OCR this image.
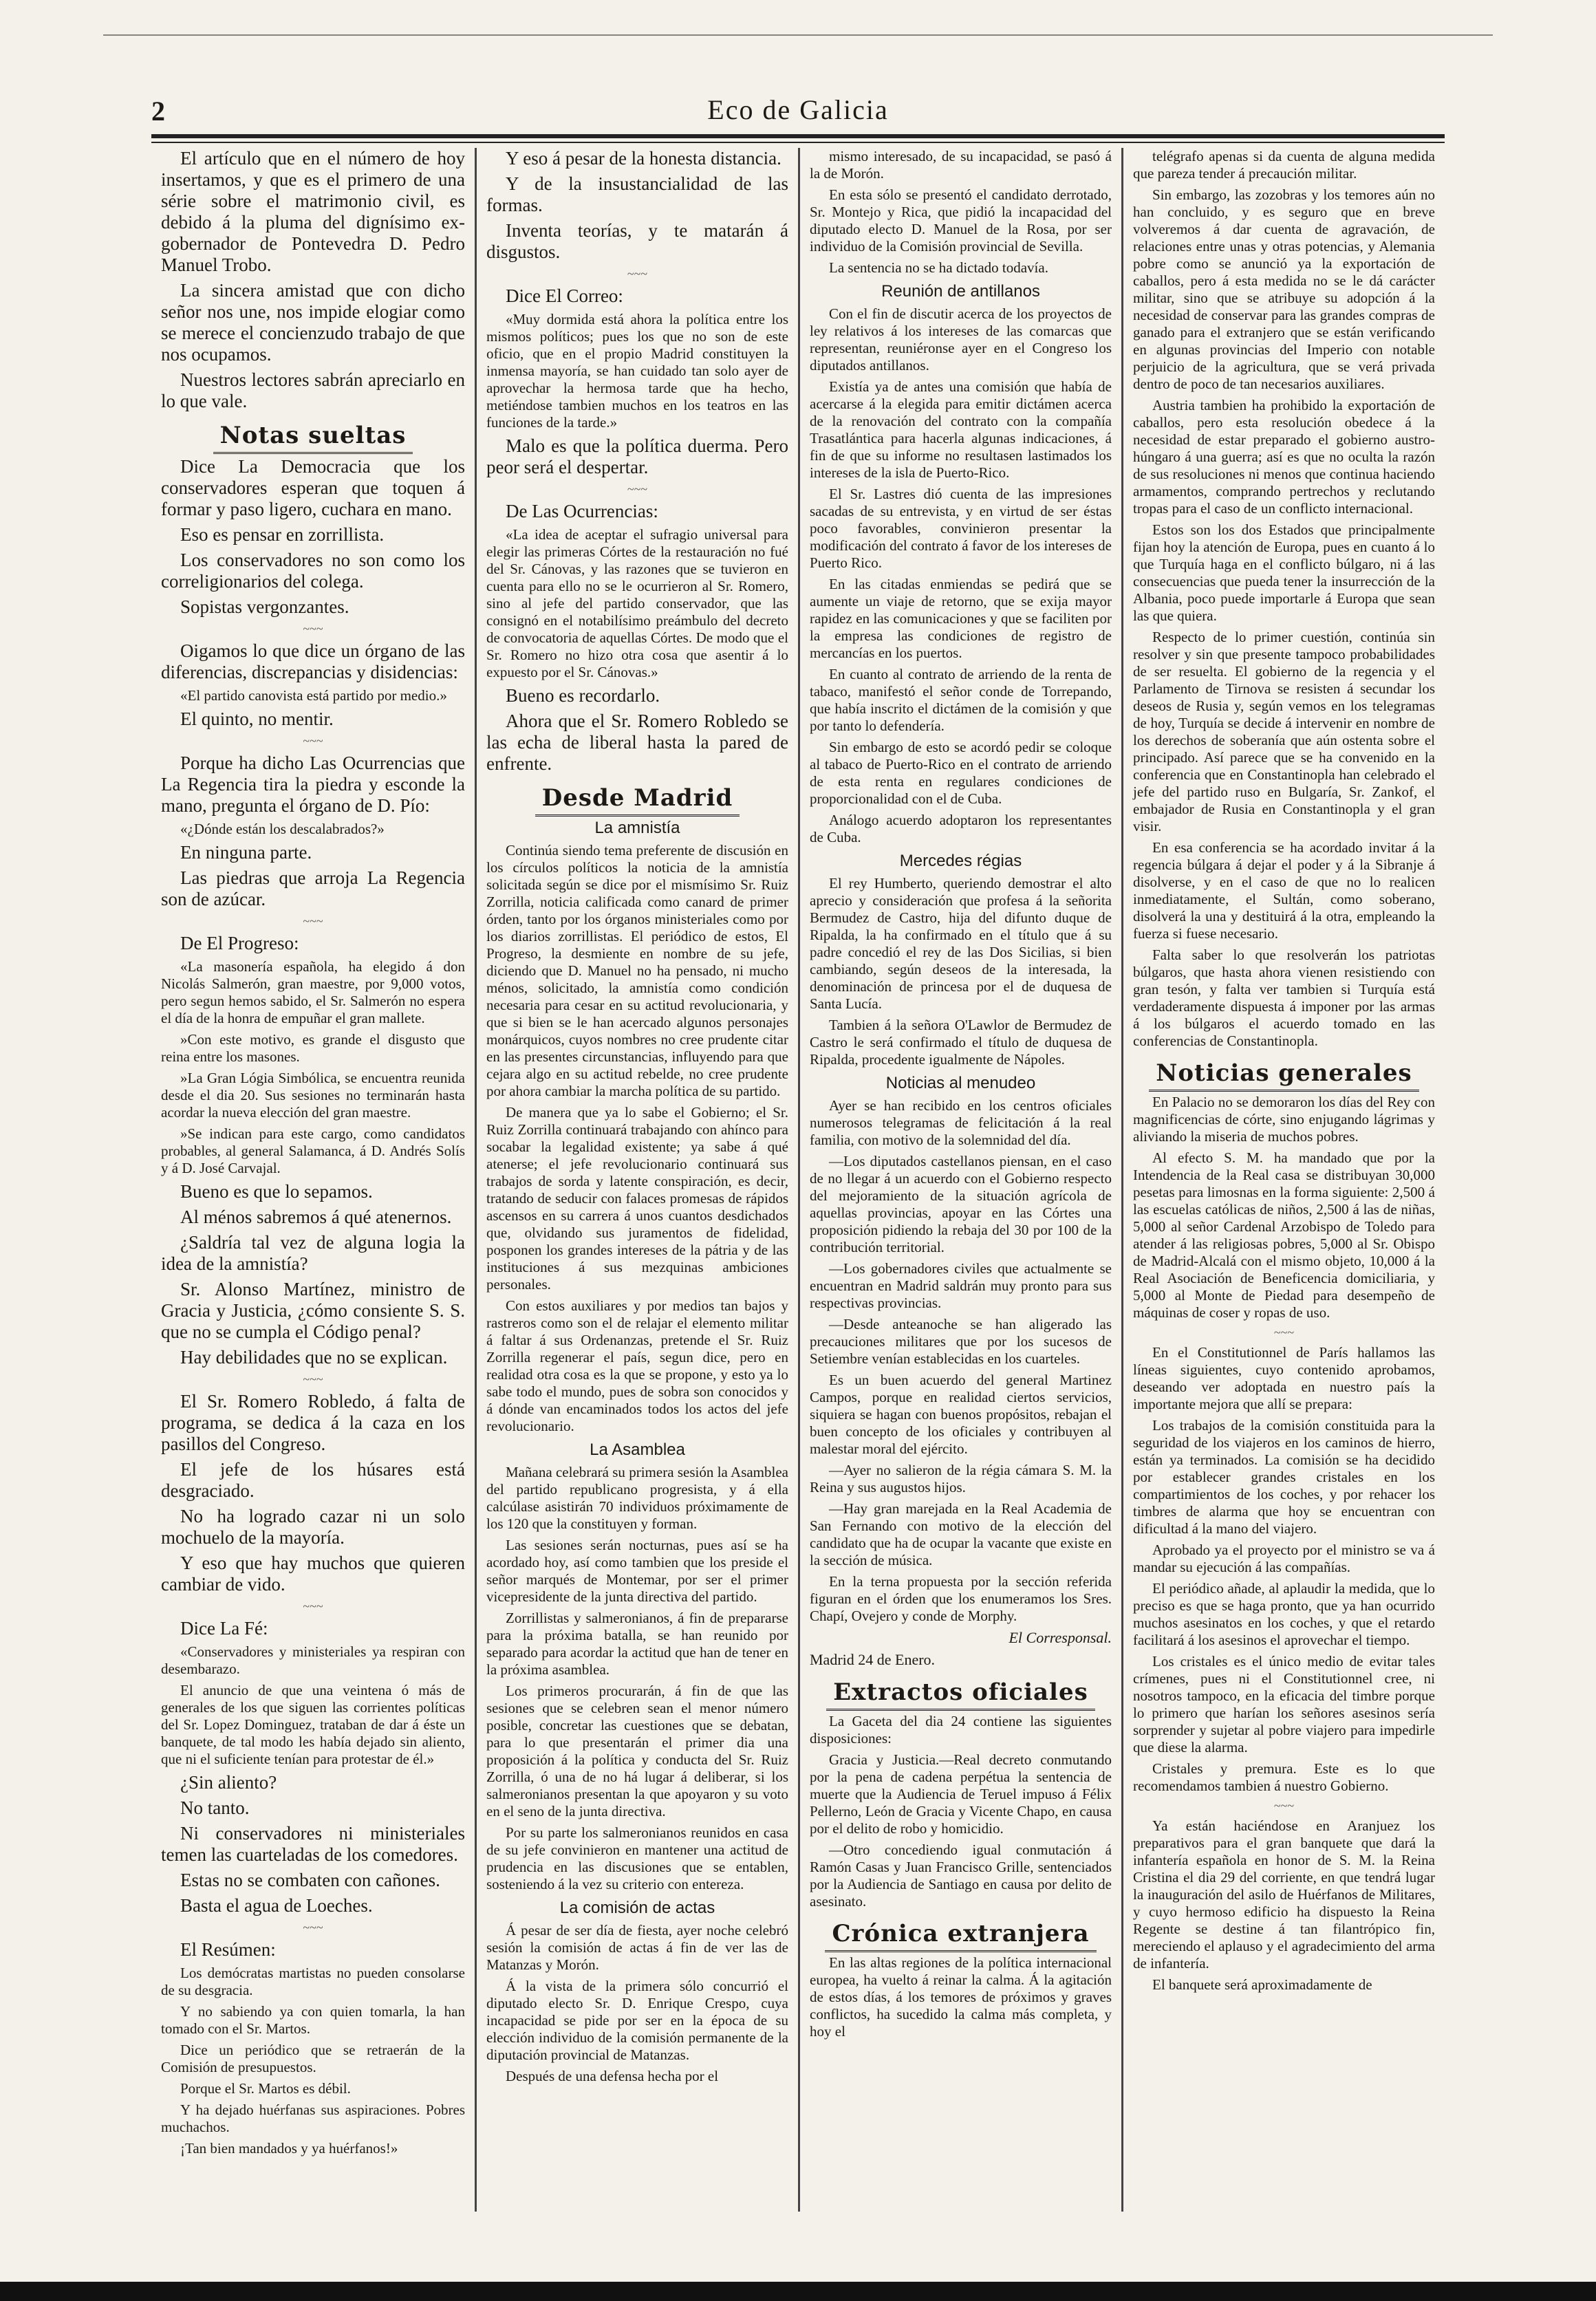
2	Eco de Galicia

El artículo que en el número de hoy insertamos, y que es el primero de una série sobre el matrimonio civil, es debido á la pluma del dignísimo ex-gobernador de Pontevedra D. Pedro Manuel Trobo.

La sincera amistad que con dicho señor nos une, nos impide elogiar como se merece el concienzudo trabajo de que nos ocupamos.

Nuestros lectores sabrán apreciarlo en lo que vale.

Notas sueltas

Dice La Democracia que los conservadores esperan que toquen á formar y paso ligero, cuchara en mano.

Eso es pensar en zorrillista.

Los conservadores no son como los correligionarios del colega.

Sopistas vergonzantes.

~~~

Oigamos lo que dice un órgano de las diferencias, discrepancias y disidencias:

«El partido canovista está partido por medio.»

El quinto, no mentir.

~~~

Porque ha dicho Las Ocurrencias que La Regencia tira la piedra y esconde la mano, pregunta el órgano de D. Pío:

«¿Dónde están los descalabrados?»

En ninguna parte.

Las piedras que arroja La Regencia son de azúcar.

~~~

De El Progreso:

«La masonería española, ha elegido á don Nicolás Salmerón, gran maestre, por 9,000 votos, pero segun hemos sabido, el Sr. Salmerón no espera el día de la honra de empuñar el gran mallete.

»Con este motivo, es grande el disgusto que reina entre los masones.

»La Gran Lógia Simbólica, se encuentra reunida desde el dia 20. Sus sesiones no terminarán hasta acordar la nueva elección del gran maestre.

»Se indican para este cargo, como candidatos probables, al general Salamanca, á D. Andrés Solís y á D. José Carvajal.

Bueno es que lo sepamos.

Al ménos sabremos á qué atenernos.

¿Saldría tal vez de alguna logia la idea de la amnistía?

Sr. Alonso Martínez, ministro de Gracia y Justicia, ¿cómo consiente S. S. que no se cumpla el Código penal?

Hay debilidades que no se explican.

~~~

El Sr. Romero Robledo, á falta de programa, se dedica á la caza en los pasillos del Congreso.

El jefe de los húsares está desgraciado.

No ha logrado cazar ni un solo mochuelo de la mayoría.

Y eso que hay muchos que quieren cambiar de vido.

~~~

Dice La Fé:

«Conservadores y ministeriales ya respiran con desembarazo.

El anuncio de que una veintena ó más de generales de los que siguen las corrientes políticas del Sr. Lopez Dominguez, trataban de dar á éste un banquete, de tal modo les había dejado sin aliento, que ni el suficiente tenían para protestar de él.»

¿Sin aliento?

No tanto.

Ni conservadores ni ministeriales temen las cuarteladas de los comedores.

Estas no se combaten con cañones.

Basta el agua de Loeches.

~~~

El Resúmen:

Los demócratas martistas no pueden consolarse de su desgracia.

Y no sabiendo ya con quien tomarla, la han tomado con el Sr. Martos.

Dice un periódico que se retraerán de la Comisión de presupuestos.

Porque el Sr. Martos es débil.

Y ha dejado huérfanas sus aspiraciones. Pobres muchachos.

¡Tan bien mandados y ya huérfanos!»

Y eso á pesar de la honesta distancia.

Y de la insustancialidad de las formas.

Inventa teorías, y te matarán á disgustos.

~~~

Dice El Correo:

«Muy dormida está ahora la política entre los mismos políticos; pues los que no son de este oficio, que en el propio Madrid constituyen la inmensa mayoría, se han cuidado tan solo ayer de aprovechar la hermosa tarde que ha hecho, metiéndose tambien muchos en los teatros en las funciones de la tarde.»

Malo es que la política duerma. Pero peor será el despertar.

~~~

De Las Ocurrencias:

«La idea de aceptar el sufragio universal para elegir las primeras Córtes de la restauración no fué del Sr. Cánovas, y las razones que se tuvieron en cuenta para ello no se le ocurrieron al Sr. Romero, sino al jefe del partido conservador, que las consignó en el notabilísimo preámbulo del decreto de convocatoria de aquellas Córtes. De modo que el Sr. Romero no hizo otra cosa que asentir á lo expuesto por el Sr. Cánovas.»

Bueno es recordarlo.

Ahora que el Sr. Romero Robledo se las echa de liberal hasta la pared de enfrente.

Desde Madrid
La amnistía

Continúa siendo tema preferente de discusión en los círculos políticos la noticia de la amnistía solicitada según se dice por el mismísimo Sr. Ruiz Zorrilla, noticia calificada como canard de primer órden, tanto por los órganos ministeriales como por los diarios zorrillistas. El periódico de estos, El Progreso, la desmiente en nombre de su jefe, diciendo que D. Manuel no ha pensado, ni mucho ménos, solicitado, la amnistía como condición necesaria para cesar en su actitud revolucionaria, y que si bien se le han acercado algunos personajes monárquicos, cuyos nombres no cree prudente citar en las presentes circunstancias, influyendo para que cejara algo en su actitud rebelde, no cree prudente por ahora cambiar la marcha política de su partido.

De manera que ya lo sabe el Gobierno; el Sr. Ruiz Zorrilla continuará trabajando con ahínco para socabar la legalidad existente; ya sabe á qué atenerse; el jefe revolucionario continuará sus trabajos de sorda y latente conspiración, es decir, tratando de seducir con falaces promesas de rápidos ascensos en su carrera á unos cuantos desdichados que, olvidando sus juramentos de fidelidad, posponen los grandes intereses de la pátria y de las instituciones á sus mezquinas ambiciones personales.

Con estos auxiliares y por medios tan bajos y rastreros como son el de relajar el elemento militar á faltar á sus Ordenanzas, pretende el Sr. Ruiz Zorrilla regenerar el país, segun dice, pero en realidad otra cosa es la que se propone, y esto ya lo sabe todo el mundo, pues de sobra son conocidos y á dónde van encaminados todos los actos del jefe revolucionario.

La Asamblea

Mañana celebrará su primera sesión la Asamblea del partido republicano progresista, y á ella calcúlase asistirán 70 individuos próximamente de los 120 que la constituyen y forman.

Las sesiones serán nocturnas, pues así se ha acordado hoy, así como tambien que los preside el señor marqués de Montemar, por ser el primer vicepresidente de la junta directiva del partido.

Zorrillistas y salmeronianos, á fin de prepararse para la próxima batalla, se han reunido por separado para acordar la actitud que han de tener en la próxima asamblea.

Los primeros procurarán, á fin de que las sesiones que se celebren sean el menor número posible, concretar las cuestiones que se debatan, para lo que presentarán el primer dia una proposición á la política y conducta del Sr. Ruiz Zorrilla, ó una de no há lugar á deliberar, si los salmeronianos presentan la que apoyaron y su voto en el seno de la junta directiva.

Por su parte los salmeronianos reunidos en casa de su jefe convinieron en mantener una actitud de prudencia en las discusiones que se entablen, sosteniendo á la vez su criterio con entereza.

La comisión de actas

Á pesar de ser día de fiesta, ayer noche celebró sesión la comisión de actas á fin de ver las de Matanzas y Morón.

Á la vista de la primera sólo concurrió el diputado electo Sr. D. Enrique Crespo, cuya incapacidad se pide por ser en la época de su elección individuo de la comisión permanente de la diputación provincial de Matanzas.

Después de una defensa hecha por el

mismo interesado, de su incapacidad, se pasó á la de Morón.

En esta sólo se presentó el candidato derrotado, Sr. Montejo y Rica, que pidió la incapacidad del diputado electo D. Manuel de la Rosa, por ser individuo de la Comisión provincial de Sevilla.

La sentencia no se ha dictado todavía.

Reunión de antillanos

Con el fin de discutir acerca de los proyectos de ley relativos á los intereses de las comarcas que representan, reuniéronse ayer en el Congreso los diputados antillanos.

Existía ya de antes una comisión que había de acercarse á la elegida para emitir dictámen acerca de la renovación del contrato con la compañía Trasatlántica para hacerla algunas indicaciones, á fin de que su informe no resultasen lastimados los intereses de la isla de Puerto-Rico.

El Sr. Lastres dió cuenta de las impresiones sacadas de su entrevista, y en virtud de ser éstas poco favorables, convinieron presentar la modificación del contrato á favor de los intereses de Puerto Rico.

En las citadas enmiendas se pedirá que se aumente un viaje de retorno, que se exija mayor rapidez en las comunicaciones y que se faciliten por la empresa las condiciones de registro de mercancías en los puertos.

En cuanto al contrato de arriendo de la renta de tabaco, manifestó el señor conde de Torrepando, que había inscrito el dictámen de la comisión y que por tanto lo defendería.

Sin embargo de esto se acordó pedir se coloque al tabaco de Puerto-Rico en el contrato de arriendo de esta renta en regulares condiciones de proporcionalidad con el de Cuba.

Análogo acuerdo adoptaron los representantes de Cuba.

Mercedes régias

El rey Humberto, queriendo demostrar el alto aprecio y consideración que profesa á la señorita Bermudez de Castro, hija del difunto duque de Ripalda, la ha confirmado en el título que á su padre concedió el rey de las Dos Sicilias, si bien cambiando, según deseos de la interesada, la denominación de princesa por el de duquesa de Santa Lucía.

Tambien á la señora O'Lawlor de Bermudez de Castro le será confirmado el título de duquesa de Ripalda, procedente igualmente de Nápoles.

Noticias al menudeo

Ayer se han recibido en los centros oficiales numerosos telegramas de felicitación á la real familia, con motivo de la solemnidad del día.

—Los diputados castellanos piensan, en el caso de no llegar á un acuerdo con el Gobierno respecto del mejoramiento de la situación agrícola de aquellas provincias, apoyar en las Córtes una proposición pidiendo la rebaja del 30 por 100 de la contribución territorial.

—Los gobernadores civiles que actualmente se encuentran en Madrid saldrán muy pronto para sus respectivas provincias.

—Desde anteanoche se han aligerado las precauciones militares que por los sucesos de Setiembre venían establecidas en los cuarteles.

Es un buen acuerdo del general Martinez Campos, porque en realidad ciertos servicios, siquiera se hagan con buenos propósitos, rebajan el buen concepto de los oficiales y contribuyen al malestar moral del ejército.

—Ayer no salieron de la régia cámara S. M. la Reina y sus augustos hijos.

—Hay gran marejada en la Real Academia de San Fernando con motivo de la elección del candidato que ha de ocupar la vacante que existe en la sección de música.

En la terna propuesta por la sección referida figuran en el órden que los enumeramos los Sres. Chapí, Ovejero y conde de Morphy.

El Corresponsal.
Madrid 24 de Enero.
Extractos oficiales

La Gaceta del dia 24 contiene las siguientes disposiciones:

Gracia y Justicia.—Real decreto conmutando por la pena de cadena perpétua la sentencia de muerte que la Audiencia de Teruel impuso á Félix Pellerno, León de Gracia y Vicente Chapo, en causa por el delito de robo y homicidio.

—Otro concediendo igual conmutación á Ramón Casas y Juan Francisco Grille, sentenciados por la Audiencia de Santiago en causa por delito de asesinato.

Crónica extranjera

En las altas regiones de la política internacional europea, ha vuelto á reinar la calma. Á la agitación de estos días, á los temores de próximos y graves conflictos, ha sucedido la calma más completa, y hoy el

telégrafo apenas si da cuenta de alguna medida que pareza tender á precaución militar.

Sin embargo, las zozobras y los temores aún no han concluido, y es seguro que en breve volveremos á dar cuenta de agravación, de relaciones entre unas y otras potencias, y Alemania pobre como se anunció ya la exportación de caballos, pero á esta medida no se le dá carácter militar, sino que se atribuye su adopción á la necesidad de conservar para las grandes compras de ganado para el extranjero que se están verificando en algunas provincias del Imperio con notable perjuicio de la agricultura, que se verá privada dentro de poco de tan necesarios auxiliares.

Austria tambien ha prohibido la exportación de caballos, pero esta resolución obedece á la necesidad de estar preparado el gobierno austro-húngaro á una guerra; así es que no oculta la razón de sus resoluciones ni menos que continua haciendo armamentos, comprando pertrechos y reclutando tropas para el caso de un conflicto internacional.

Estos son los dos Estados que principalmente fijan hoy la atención de Europa, pues en cuanto á lo que Turquía haga en el conflicto búlgaro, ni á las consecuencias que pueda tener la insurrección de la Albania, poco puede importarle á Europa que sean las que quiera.

Respecto de lo primer cuestión, continúa sin resolver y sin que presente tampoco probabilidades de ser resuelta. El gobierno de la regencia y el Parlamento de Tirnova se resisten á secundar los deseos de Rusia y, según vemos en los telegramas de hoy, Turquía se decide á intervenir en nombre de los derechos de soberanía que aún ostenta sobre el principado. Así parece que se ha convenido en la conferencia que en Constantinopla han celebrado el jefe del partido ruso en Bulgaría, Sr. Zankof, el embajador de Rusia en Constantinopla y el gran visir.

En esa conferencia se ha acordado invitar á la regencia búlgara á dejar el poder y á la Sibranje á disolverse, y en el caso de que no lo realicen inmediatamente, el Sultán, como soberano, disolverá la una y destituirá á la otra, empleando la fuerza si fuese necesario.

Falta saber lo que resolverán los patriotas búlgaros, que hasta ahora vienen resistiendo con gran tesón, y falta ver tambien si Turquía está verdaderamente dispuesta á imponer por las armas á los búlgaros el acuerdo tomado en las conferencias de Constantinopla.

Noticias generales

En Palacio no se demoraron los días del Rey con magnificencias de córte, sino enjugando lágrimas y aliviando la miseria de muchos pobres.

Al efecto S. M. ha mandado que por la Intendencia de la Real casa se distribuyan 30,000 pesetas para limosnas en la forma siguiente: 2,500 á las escuelas católicas de niños, 2,500 á las de niñas, 5,000 al señor Cardenal Arzobispo de Toledo para atender á las religiosas pobres, 5,000 al Sr. Obispo de Madrid-Alcalá con el mismo objeto, 10,000 á la Real Asociación de Beneficencia domiciliaria, y 5,000 al Monte de Piedad para desempeño de máquinas de coser y ropas de uso.

~~~

En el Constitutionnel de París hallamos las líneas siguientes, cuyo contenido aprobamos, deseando ver adoptada en nuestro país la importante mejora que allí se prepara:

Los trabajos de la comisión constituida para la seguridad de los viajeros en los caminos de hierro, están ya terminados. La comisión se ha decidido por establecer grandes cristales en los compartimientos de los coches, y por rehacer los timbres de alarma que hoy se encuentran con dificultad á la mano del viajero.

Aprobado ya el proyecto por el ministro se va á mandar su ejecución á las compañías.

El periódico añade, al aplaudir la medida, que lo preciso es que se haga pronto, que ya han ocurrido muchos asesinatos en los coches, y que el retardo facilitará á los asesinos el aprovechar el tiempo.

Los cristales es el único medio de evitar tales crímenes, pues ni el Constitutionnel cree, ni nosotros tampoco, en la eficacia del timbre porque lo primero que harían los señores asesinos sería sorprender y sujetar al pobre viajero para impedirle que diese la alarma.

Cristales y premura. Este es lo que recomendamos tambien á nuestro Gobierno.

~~~

Ya están haciéndose en Aranjuez los preparativos para el gran banquete que dará la infantería española en honor de S. M. la Reina Cristina el dia 29 del corriente, en que tendrá lugar la inauguración del asilo de Huérfanos de Militares, y cuyo hermoso edificio ha dispuesto la Reina Regente se destine á tan filantrópico fin, mereciendo el aplauso y el agradecimiento del arma de infantería.

El banquete será aproximadamente de
